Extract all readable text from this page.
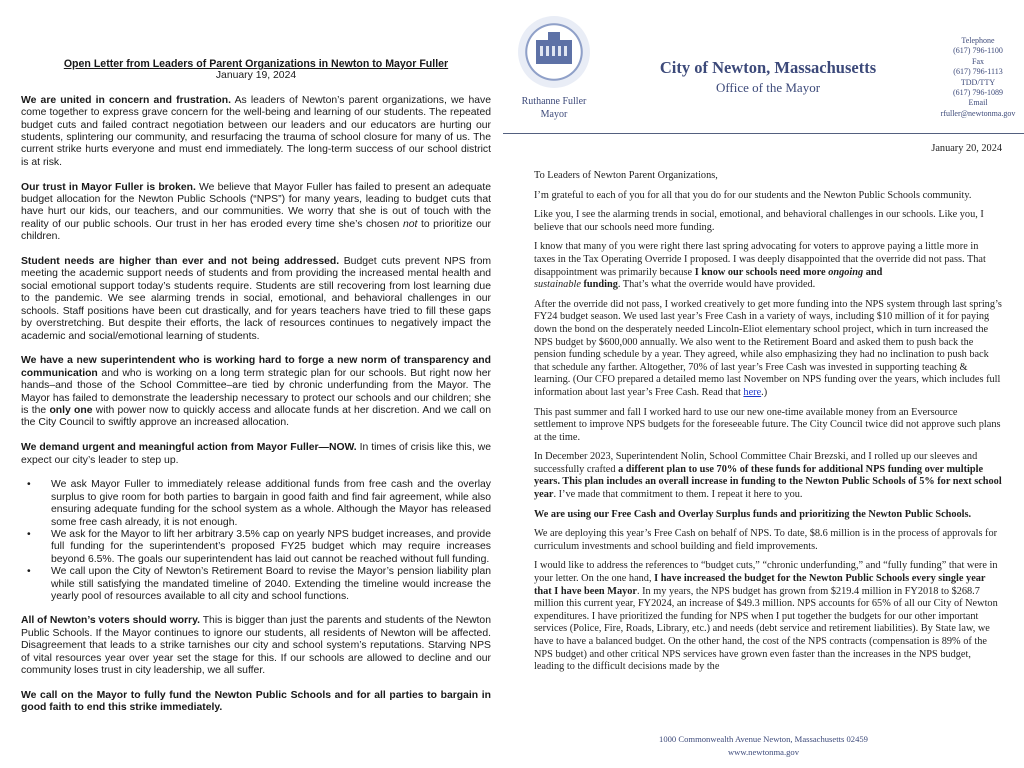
Open Letter from Leaders of Parent Organizations in Newton to Mayor Fuller
January 19, 2024

We are united in concern and frustration. As leaders of Newton’s parent organizations, we have come together to express grave concern for the well-being and learning of our students. The repeated budget cuts and failed contract negotiation between our leaders and our educators are hurting our students, splintering our community, and resurfacing the trauma of school closure for many of us. The current strike hurts everyone and must end immediately. The long-term success of our school district is at risk.

Our trust in Mayor Fuller is broken. We believe that Mayor Fuller has failed to present an adequate budget allocation for the Newton Public Schools (“NPS”) for many years, leading to budget cuts that have hurt our kids, our teachers, and our communities. We worry that she is out of touch with the reality of our public schools. Our trust in her has eroded every time she’s chosen not to prioritize our children.

Student needs are higher than ever and not being addressed. Budget cuts prevent NPS from meeting the academic support needs of students and from providing the increased mental health and social emotional support today’s students require. Students are still recovering from lost learning due to the pandemic. We see alarming trends in social, emotional, and behavioral challenges in our schools. Staff positions have been cut drastically, and for years teachers have tried to fill these gaps by overstretching. But despite their efforts, the lack of resources continues to negatively impact the academic and social/emotional learning of students.

We have a new superintendent who is working hard to forge a new norm of transparency and communication and who is working on a long term strategic plan for our schools. But right now her hands–and those of the School Committee–are tied by chronic underfunding from the Mayor. The Mayor has failed to demonstrate the leadership necessary to protect our schools and our children; she is the only one with power now to quickly access and allocate funds at her discretion. And we call on the City Council to swiftly approve an increased allocation.

We demand urgent and meaningful action from Mayor Fuller—NOW. In times of crisis like this, we expect our city’s leader to step up.

• We ask Mayor Fuller to immediately release additional funds from free cash and the overlay surplus to give room for both parties to bargain in good faith and find fair agreement, while also ensuring adequate funding for the school system as a whole. Although the Mayor has released some free cash already, it is not enough.
• We ask for the Mayor to lift her arbitrary 3.5% cap on yearly NPS budget increases, and provide full funding for the superintendent’s proposed FY25 budget which may require increases beyond 6.5%. The goals our superintendent has laid out cannot be reached without full funding.
• We call upon the City of Newton’s Retirement Board to revise the Mayor’s pension liability plan while still satisfying the mandated timeline of 2040. Extending the timeline would increase the yearly pool of resources available to all city and school functions.

All of Newton’s voters should worry. This is bigger than just the parents and students of the Newton Public Schools. If the Mayor continues to ignore our students, all residents of Newton will be affected. Disagreement that leads to a strike tarnishes our city and school system’s reputations. Starving NPS of vital resources year over year set the stage for this. If our schools are allowed to decline and our community loses trust in city leadership, we all suffer.

We call on the Mayor to fully fund the Newton Public Schools and for all parties to bargain in good faith to end this strike immediately.

Ruthanne Fuller
Mayor
City of Newton, Massachusetts
Office of the Mayor
Telephone
(617) 796-1100
Fax
(617) 796-1113
TDD/TTY
(617) 796-1089
Email
rfuller@newtonma.gov
January 20, 2024

To Leaders of Newton Parent Organizations,

I’m grateful to each of you for all that you do for our students and the Newton Public Schools community.

Like you, I see the alarming trends in social, emotional, and behavioral challenges in our schools. Like you, I believe that our schools need more funding.

I know that many of you were right there last spring advocating for voters to approve paying a little more in taxes in the Tax Operating Override I proposed. I was deeply disappointed that the override did not pass. That disappointment was primarily because I know our schools need more ongoing and
sustainable funding. That’s what the override would have provided.

After the override did not pass, I worked creatively to get more funding into the NPS system through last spring’s FY24 budget season. We used last year’s Free Cash in a variety of ways, including $10 million of it for paying down the bond on the desperately needed Lincoln-Eliot elementary school project, which in turn increased the NPS budget by $600,000 annually. We also went to the Retirement Board and asked them to push back the pension funding schedule by a year. They agreed, while also emphasizing they had no inclination to push back that schedule any farther. Altogether, 70% of last year’s Free Cash was invested in supporting teaching & learning. (Our CFO prepared a detailed memo last November on NPS funding over the years, which includes full information about last year’s Free Cash. Read that here.)

This past summer and fall I worked hard to use our new one-time available money from an Eversource settlement to improve NPS budgets for the foreseeable future. The City Council twice did not approve such plans at the time.

In December 2023, Superintendent Nolin, School Committee Chair Brezski, and I rolled up our sleeves and successfully crafted a different plan to use 70% of these funds for additional NPS funding over multiple years. This plan includes an overall increase in funding to the Newton Public Schools of 5% for next school year. I’ve made that commitment to them. I repeat it here to you.

We are using our Free Cash and Overlay Surplus funds and prioritizing the Newton Public Schools.

We are deploying this year’s Free Cash on behalf of NPS. To date, $8.6 million is in the process of approvals for curriculum investments and school building and field improvements.

I would like to address the references to “budget cuts,” “chronic underfunding,” and “fully funding” that were in your letter. On the one hand, I have increased the budget for the Newton Public Schools every single year that I have been Mayor. In my years, the NPS budget has grown from $219.4 million in FY2018 to $268.7 million this current year, FY2024, an increase of $49.3 million. NPS accounts for 65% of all our City of Newton expenditures. I have prioritized the funding for NPS when I put together the budgets for our other important services (Police, Fire, Roads, Library, etc.) and needs (debt service and retirement liabilities). By State law, we have to have a balanced budget. On the other hand, the cost of the NPS contracts (compensation is 89% of the NPS budget) and other critical NPS services have grown even faster than the increases in the NPS budget, leading to the difficult decisions made by the

1000 Commonwealth Avenue Newton, Massachusetts 02459
www.newtonma.gov
